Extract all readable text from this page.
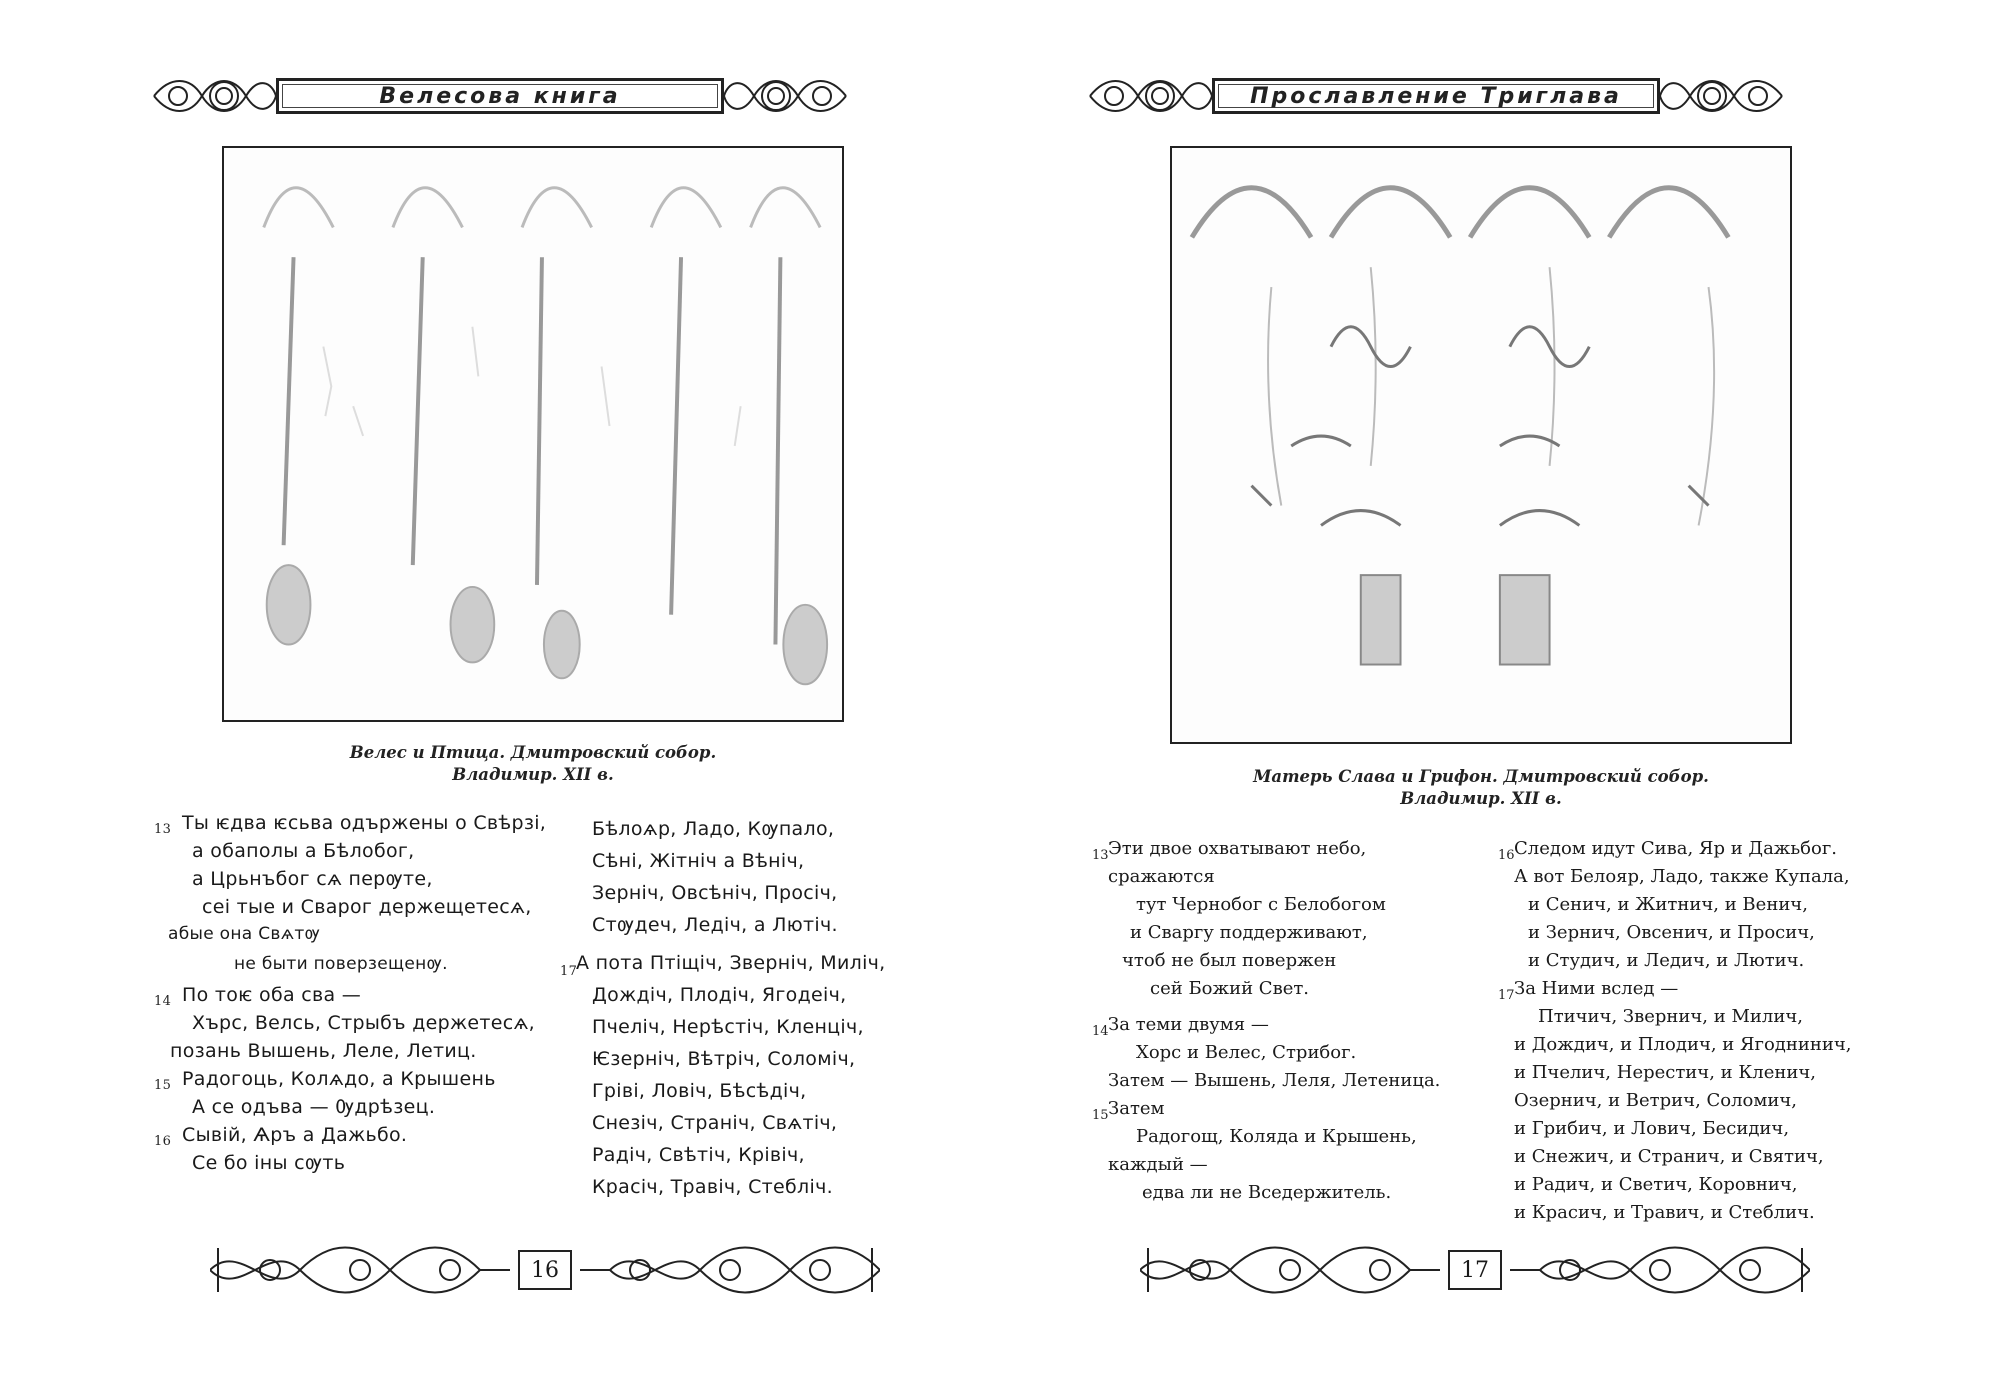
Велесова книга
Велес и Птица. Дмитровский собор.
Владимир. XII в.
13 Ты ѥдва ѥсьва одържены о Свѣрзі,
а обаполы а Бѣлобог,
а Црьнъбог сѧ перѹте,
сеі тые и Сварог держещетесѧ,
абые она Свѧтѹ
не быти поверзещенѹ.
14 По тоѥ оба сва —
Хърс, Велсь, Стрыбъ держетесѧ,
позань Вышень, Леле, Летиц.
15 Радогоць, Колѧдо, а Крышень
А се одъва — Ѹдрѣзец.
16 Сывій, Ѧръ а Дажьбо.
Се бо іны сѹть
Бѣлоѧр, Ладо, Кѹпало,
Сѣні, Жітніч а Вѣніч,
Зерніч, Овсѣніч, Просіч,
Стѹдеч, Ледіч, а Лютіч.
17
А пота Птіщіч, Зверніч, Миліч,
Дождіч, Плодіч, Ягодеіч,
Пчеліч, Нерѣстіч, Кленціч,
Ѥзерніч, Вѣтріч, Соломіч,
Гріві, Ловіч, Бѣсѣдіч,
Снезіч, Страніч, Свѧтіч,
Радіч, Свѣтіч, Крівіч,
Красіч, Травіч, Стебліч.
16
Прославление Триглава
Матерь Слава и Грифон. Дмитровский собор.
Владимир. XII в.
13 Эти двое охватывают небо,
сражаются
тут Чернобог с Белобогом
и Сваргу поддерживают,
чтоб не был повержен
сей Божий Свет.
14 За теми двумя —
Хорс и Велес, Стрибог.
Затем — Вышень, Леля, Летеница.
15 Затем
Радогощ, Коляда и Крышень,
каждый —
едва ли не Вседержитель.
16 Следом идут Сива, Яр и Дажьбог.
А вот Белояр, Ладо, также Купала,
и Сенич, и Житнич, и Венич,
и Зернич, Овсенич, и Просич,
и Студич, и Ледич, и Лютич.
17 За Ними вслед —
Птичич, Звернич, и Милич,
и Дождич, и Плодич, и Ягоднинич,
и Пчелич, Нерестич, и Кленич,
Озернич, и Ветрич, Соломич,
и Грибич, и Лович, Бесидич,
и Снежич, и Странич, и Святич,
и Радич, и Светич, Коровнич,
и Красич, и Травич, и Стеблич.
17
